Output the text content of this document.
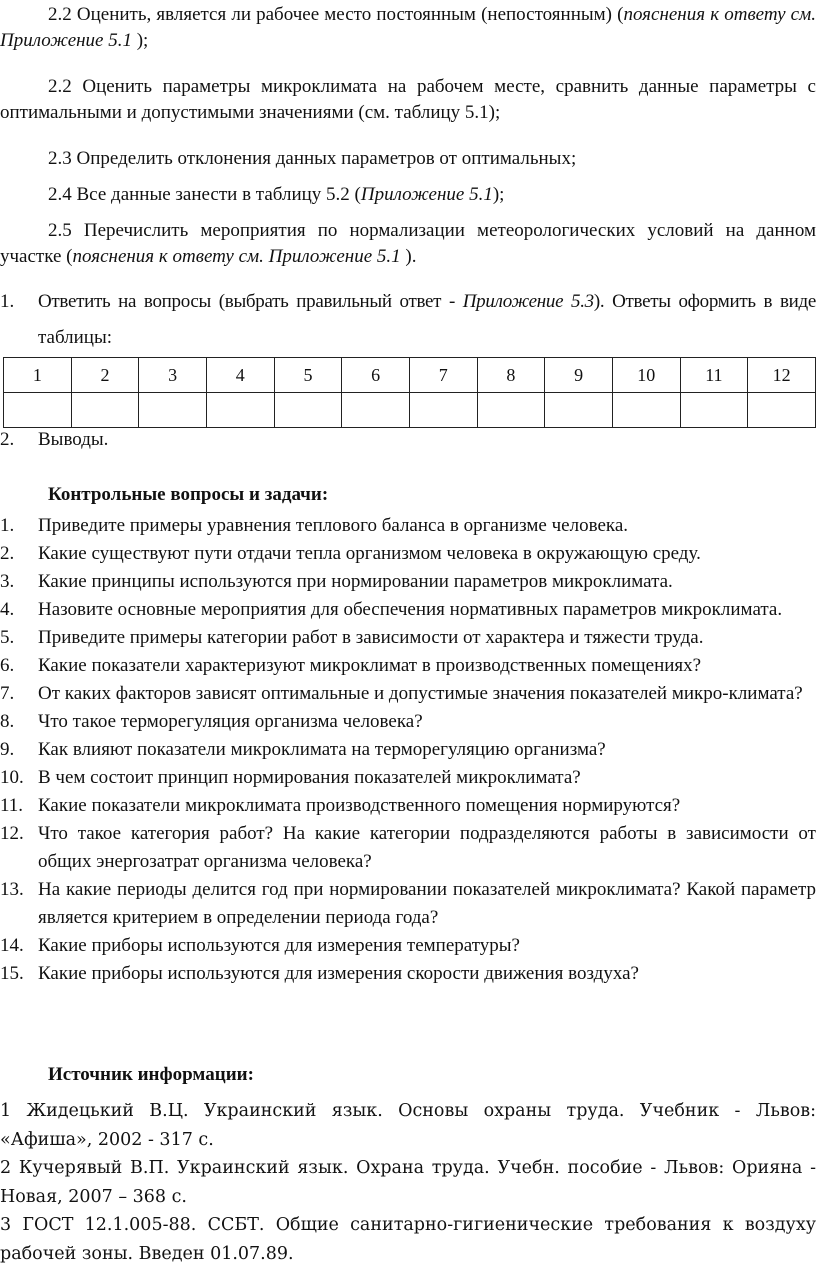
2.2 Оценить, является ли рабочее место постоянным (непостоянным) (пояснения к ответу см. Приложение 5.1 );

2.2 Оценить параметры микроклимата на рабочем месте, сравнить данные параметры с оптимальными и допустимыми значениями (см. таблицу 5.1);

2.3 Определить отклонения данных параметров от оптимальных;

2.4 Все данные занести в таблицу 5.2 (Приложение 5.1);

2.5 Перечислить мероприятия по нормализации метеорологических условий на данном участке (пояснения к ответу см. Приложение 5.1 ).

1. Ответить на вопросы (выбрать правильный ответ - Приложение 5.3). Ответы оформить в виде
таблицы:
1	2	3	4	5	6	7	8	9	10	11	12

2. Выводы.
Контрольные вопросы и задачи:
1. Приведите примеры уравнения теплового баланса в организме человека.
2. Какие существуют пути отдачи тепла организмом человека в окружающую среду.
3. Какие принципы используются при нормировании параметров микроклимата.
4. Назовите основные мероприятия для обеспечения нормативных параметров микроклимата.
5. Приведите примеры категории работ в зависимости от характера и тяжести труда.
6. Какие показатели характеризуют микроклимат в производственных помещениях?
7. От каких факторов зависят оптимальные и допустимые значения показателей микро-климата?
8. Что такое терморегуляция организма человека?
9. Как влияют показатели микроклимата на терморегуляцию организма?
10. В чем состоит принцип нормирования показателей микроклимата?
11. Какие показатели микроклимата производственного помещения нормируются?
12. Что такое категория работ? На какие категории подразделяются работы в зависимости от общих энергозатрат организма человека?
13. На какие периоды делится год при нормировании показателей микроклимата? Какой параметр является критерием в определении периода года?
14. Какие приборы используются для измерения температуры?
15. Какие приборы используются для измерения скорости движения воздуха?
Источник информации:

1 Жидецький В.Ц. Украинский язык. Основы охраны труда. Учебник - Львов: «Афиша», 2002 - 317 с.

2 Кучерявый В.П. Украинский язык. Охрана труда. Учебн. пособие - Львов: Орияна - Новая, 2007 – 368 с.

3 ГОСТ 12.1.005-88. ССБТ. Общие санитарно-гигиенические требования к воздуху рабочей зоны. Введен 01.07.89.
